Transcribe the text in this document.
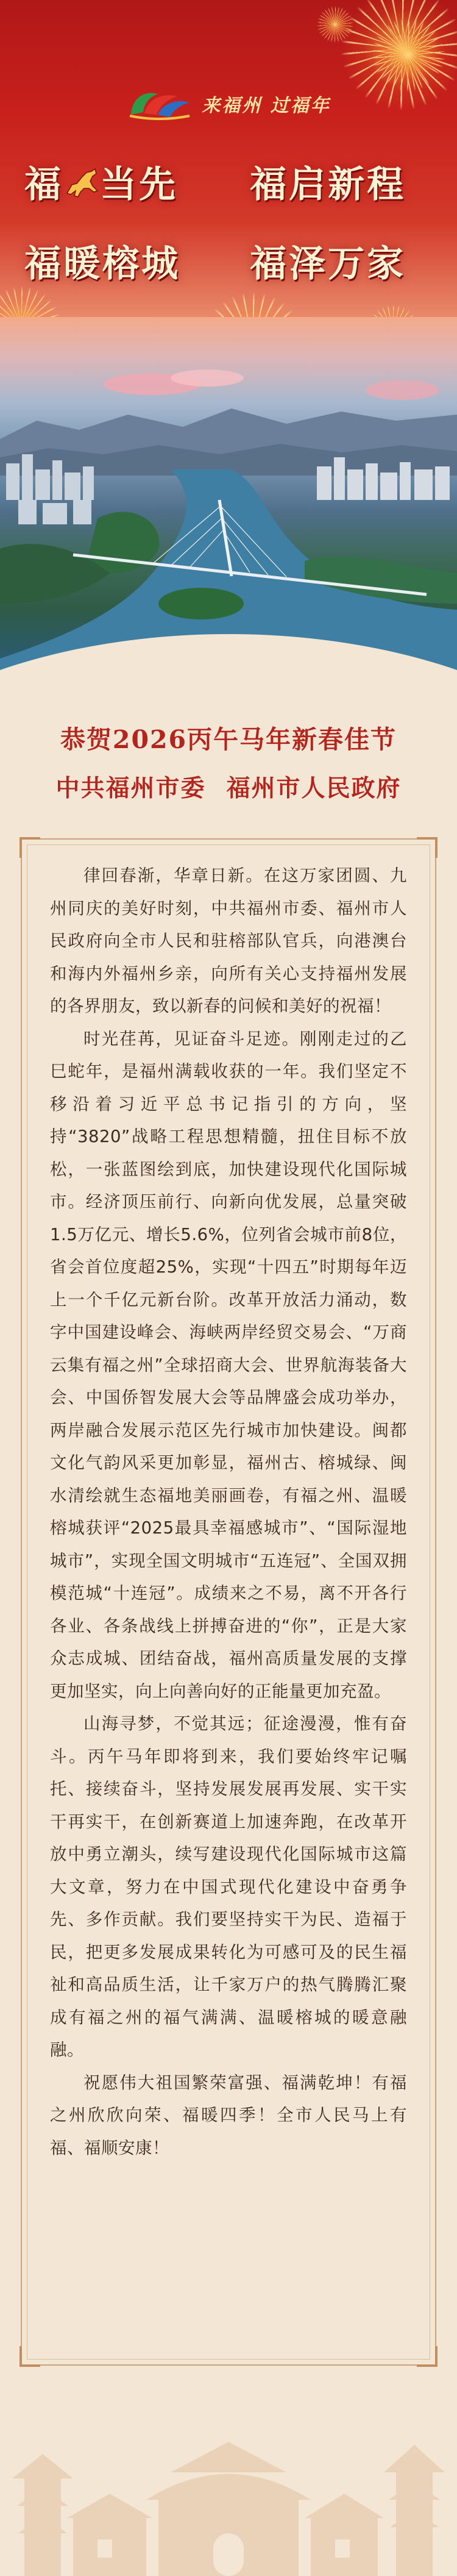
来福州 过福年
福 当先 福启新程
福暖榕城 福泽万家
恭贺2026丙午马年新春佳节
中共福州市委 福州市人民政府

律回春渐，华章日新。在这万家团圆、九州同庆的美好时刻，中共福州市委、福州市人民政府向全市人民和驻榕部队官兵，向港澳台和海内外福州乡亲，向所有关心支持福州发展的各界朋友，致以新春的问候和美好的祝福！

时光荏苒，见证奋斗足迹。刚刚走过的乙巳蛇年，是福州满载收获的一年。我们坚定不移沿着习近平总书记指引的方向，坚持“3820”战略工程思想精髓，扭住目标不放松，一张蓝图绘到底，加快建设现代化国际城市。经济顶压前行、向新向优发展，总量突破1.5万亿元、增长5.6%，位列省会城市前8位，省会首位度超25%，实现“十四五”时期每年迈上一个千亿元新台阶。改革开放活力涌动，数字中国建设峰会、海峡两岸经贸交易会、“万商云集有福之州”全球招商大会、世界航海装备大会、中国侨智发展大会等品牌盛会成功举办，两岸融合发展示范区先行城市加快建设。闽都文化气韵风采更加彰显，福州古、榕城绿、闽水清绘就生态福地美丽画卷，有福之州、温暖榕城获评“2025最具幸福感城市”、“国际湿地城市”，实现全国文明城市“五连冠”、全国双拥模范城“十连冠”。成绩来之不易，离不开各行各业、各条战线上拼搏奋进的“你”，正是大家众志成城、团结奋战，福州高质量发展的支撑更加坚实，向上向善向好的正能量更加充盈。

山海寻梦，不觉其远；征途漫漫，惟有奋斗。丙午马年即将到来，我们要始终牢记嘱托、接续奋斗，坚持发展发展再发展、实干实干再实干，在创新赛道上加速奔跑，在改革开放中勇立潮头，续写建设现代化国际城市这篇大文章，努力在中国式现代化建设中奋勇争先、多作贡献。我们要坚持实干为民、造福于民，把更多发展成果转化为可感可及的民生福祉和高品质生活，让千家万户的热气腾腾汇聚成有福之州的福气满满、温暖榕城的暖意融融。

祝愿伟大祖国繁荣富强、福满乾坤！有福之州欣欣向荣、福暖四季！全市人民马上有福、福顺安康！
